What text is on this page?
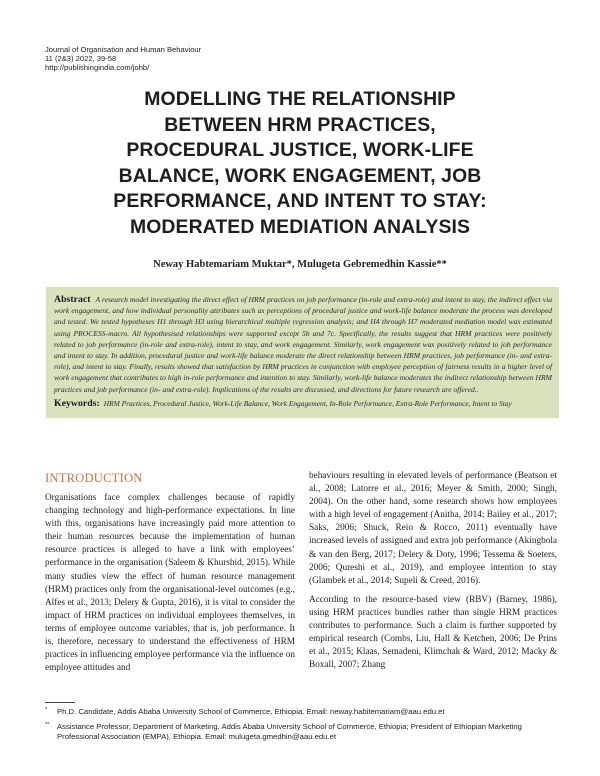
Journal of Organisation and Human Behaviour
11 (2&3) 2022, 39-58
http://publishingindia.com/johb/
MODELLING THE RELATIONSHIP
BETWEEN HRM PRACTICES,
PROCEDURAL JUSTICE, WORK-LIFE
BALANCE, WORK ENGAGEMENT, JOB
PERFORMANCE, AND INTENT TO STAY:
MODERATED MEDIATION ANALYSIS
Neway Habtemariam Muktar*, Mulugeta Gebremedhin Kassie**

Abstract A research model investigating the direct effect of HRM practices on job performance (in-role and extra-role) and intent to stay, the indirect effect via work engagement, and how individual personality attributes such as perceptions of procedural justice and work-life balance moderate the process was developed and tested. We tested hypotheses H1 through H3 using hierarchical multiple regression analysis; and H4 through H7 moderated mediation model was estimated using PROCESS-macro. All hypothesised relationships were supported except 5b and 7c. Specifically, the results suggest that HRM practices were positively related to job performance (in-role and extra-role), intent to stay, and work engagement. Similarly, work engagement was positively related to job performance and intent to stay. In addition, procedural justice and work-life balance moderate the direct relationship between HRM practices, job performance (in- and extra-role), and intent to stay. Finally, results showed that satisfaction by HRM practices in conjunction with employee perception of fairness results in a higher level of work engagement that contributes to high in-role performance and intention to stay. Similarly, work-life balance moderates the indirect relationship between HRM practices and job performance (in- and extra-role). Implications of the results are discussed, and directions for future research are offered..

Keywords: HRM Practices, Procedural Justice, Work-Life Balance, Work Engagement, In-Role Performance, Extra-Role Performance, Intent to Stay

INTRODUCTION

Organisations face complex challenges because of rapidly changing technology and high-performance expectations. In line with this, organisations have increasingly paid more attention to their human resources because the implementation of human resource practices is alleged to have a link with employees’ performance in the organisation (Saleem & Khurshid, 2015). While many studies view the effect of human resource management (HRM) practices only from the organisational-level outcomes (e.g., Alfes et al., 2013; Delery & Gupta, 2016), it is vital to consider the impact of HRM practices on individual employees themselves, in terms of employee outcome variables, that is, job performance. It is, therefore, necessary to understand the effectiveness of HRM practices in influencing employee performance via the influence on employee attitudes and

behaviours resulting in elevated levels of performance (Beatson et al., 2008; Latorre et al., 2016; Meyer & Smith, 2000; Singh, 2004). On the other hand, some research shows how employees with a high level of engagement (Anitha, 2014; Bailey et al., 2017; Saks, 2006; Shuck, Reio & Rocco, 2011) eventually have increased levels of assigned and extra job performance (Akingbola & van den Berg, 2017; Delery & Doty, 1996; Tessema & Soeters, 2006; Qureshi et al., 2019), and employee intention to stay (Glambek et al., 2014; Supeli & Creed, 2016).

According to the resource-based view (RBV) (Barney, 1986), using HRM practices bundles rather than single HRM practices contributes to performance. Such a claim is further supported by empirical research (Combs, Liu, Hall & Ketchen, 2006; De Prins et al., 2015; Klaas, Semadeni, Klimchak & Ward, 2012; Macky & Boxall, 2007; Zhang

* Ph.D. Candidate, Addis Ababa University School of Commerce, Ethiopia. Email: neway.habitemariam@aau.edu.et

** Assistance Professor, Department of Marketing, Addis Ababa University School of Commerce, Ethiopia; President of Ethiopian Marketing Professional Association (EMPA), Ethiopia. Email: mulugeta.gmedhin@aau.edu.et
